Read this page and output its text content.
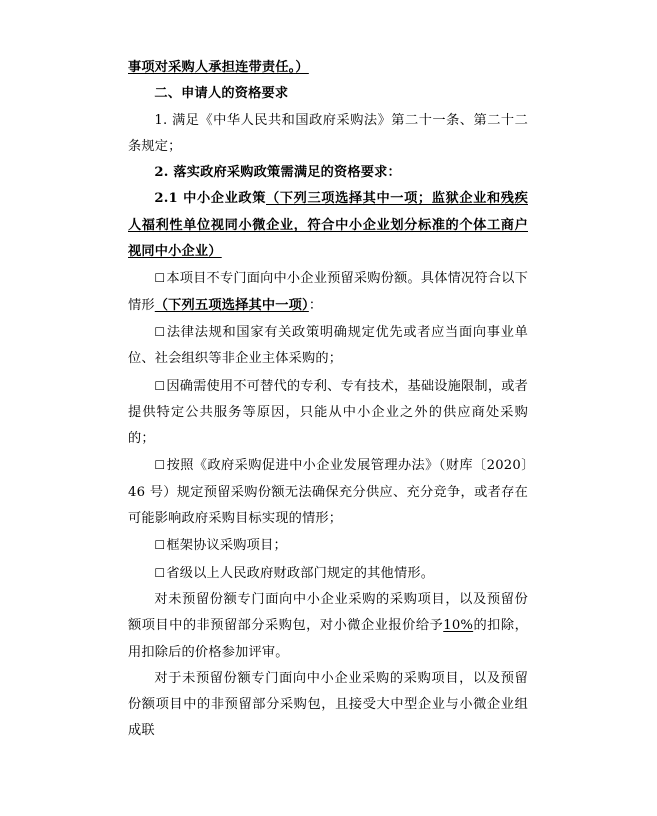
事项对采购人承担连带责任。）

二、申请人的资格要求

1. 满足《中华人民共和国政府采购法》第二十一条、第二十二条规定；

2. 落实政府采购政策需满足的资格要求：

2.1 中小企业政策（下列三项选择其中一项；监狱企业和残疾人福利性单位视同小微企业，符合中小企业划分标准的个体工商户视同中小企业）

☐本项目不专门面向中小企业预留采购份额。具体情况符合以下情形（下列五项选择其中一项）：

☐法律法规和国家有关政策明确规定优先或者应当面向事业单位、社会组织等非企业主体采购的；

☐因确需使用不可替代的专利、专有技术，基础设施限制，或者提供特定公共服务等原因，只能从中小企业之外的供应商处采购的；

☐按照《政府采购促进中小企业发展管理办法》（财库〔2020〕46 号）规定预留采购份额无法确保充分供应、充分竞争，或者存在可能影响政府采购目标实现的情形；

☐框架协议采购项目；

☐省级以上人民政府财政部门规定的其他情形。

对未预留份额专门面向中小企业采购的采购项目，以及预留份额项目中的非预留部分采购包，对小微企业报价给予10%的扣除，用扣除后的价格参加评审。

对于未预留份额专门面向中小企业采购的采购项目，以及预留份额项目中的非预留部分采购包，且接受大中型企业与小微企业组成联
